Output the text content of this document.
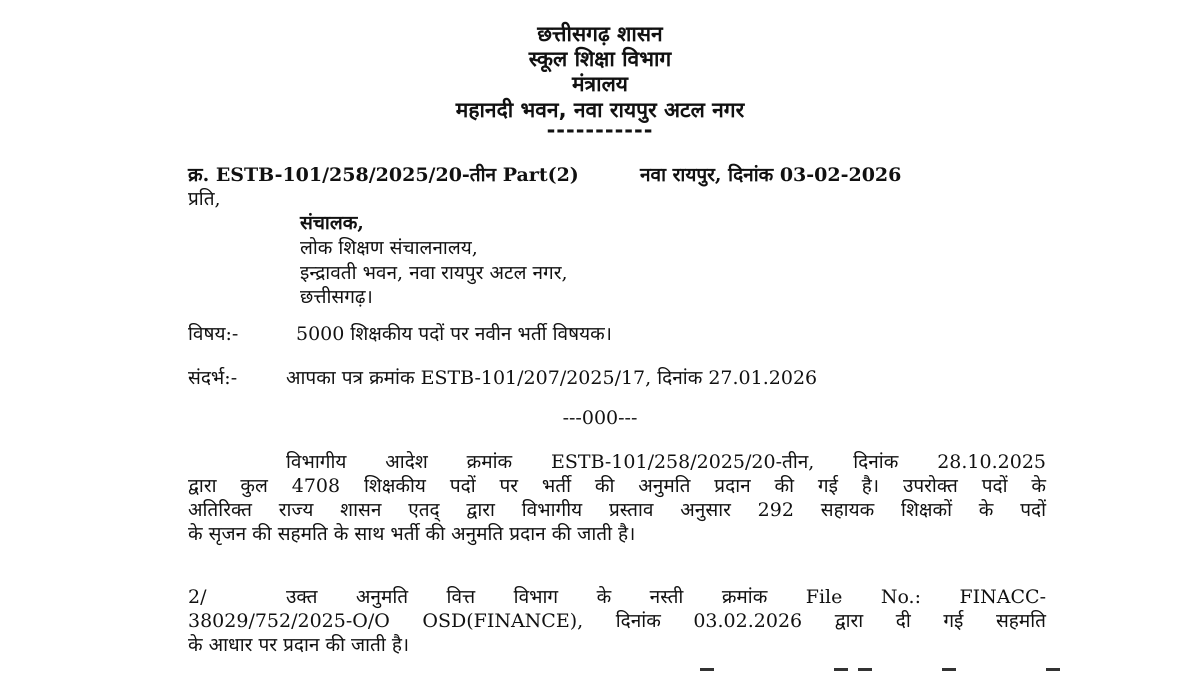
छत्तीसगढ़ शासन
स्कूल शिक्षा विभाग
मंत्रालय
महानदी भवन, नवा रायपुर अटल नगर
-----------
क्र. ESTB-101/258/2025/20-तीन Part(2)	नवा रायपुर, दिनांक 03-02-2026
प्रति,
संचालक,
लोक शिक्षण संचालनालय,
इन्द्रावती भवन, नवा रायपुर अटल नगर,
छत्तीसगढ़।
विषय:-	5000 शिक्षकीय पदों पर नवीन भर्ती विषयक।
संदर्भ:-	आपका पत्र क्रमांक ESTB-101/207/2025/17, दिनांक 27.01.2026
---000---
विभागीय आदेश क्रमांक ESTB-101/258/2025/20-तीन, दिनांक 28.10.2025
द्वारा कुल 4708 शिक्षकीय पदों पर भर्ती की अनुमति प्रदान की गई है। उपरोक्त पदों के
अतिरिक्त राज्य शासन एतद् द्वारा विभागीय प्रस्ताव अनुसार 292 सहायक शिक्षकों के पदों
के सृजन की सहमति के साथ भर्ती की अनुमति प्रदान की जाती है।
2/	उक्त अनुमति वित्त विभाग के नस्ती क्रमांक File No.: FINACC-
38029/752/2025-O/O OSD(FINANCE), दिनांक 03.02.2026 द्वारा दी गई सहमति
के आधार पर प्रदान की जाती है।
